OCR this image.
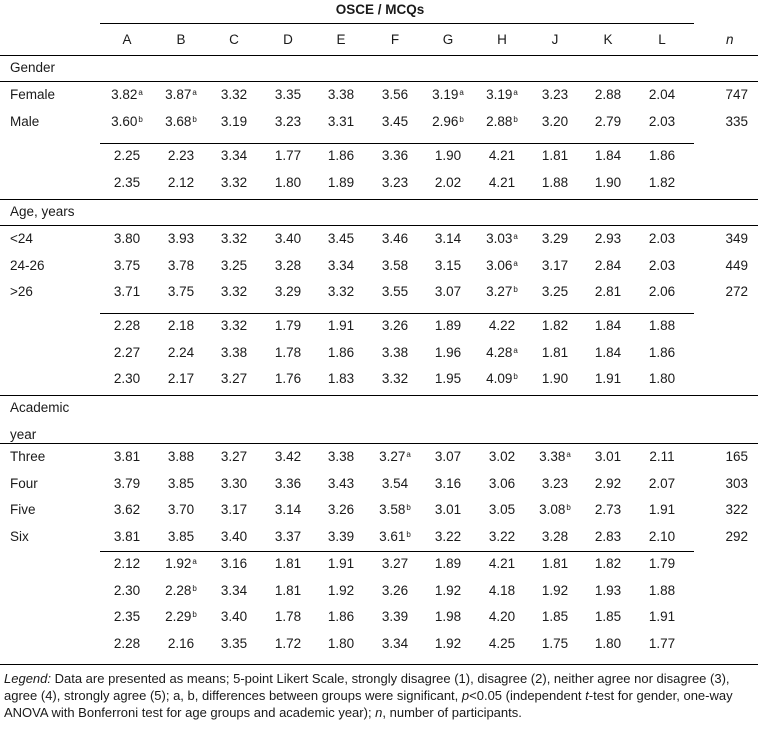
OSCE / MCQs
A	B	C	D	E	F	G	H	J	K	L	n
Gender
Female	3.82$^a$	3.87$^a$	3.32	3.35	3.38	3.56	3.19$^a$	3.19$^a$	3.23	2.88	2.04	747
Male	3.60$^b$	3.68$^b$	3.19	3.23	3.31	3.45	2.96$^b$	2.88$^b$	3.20	2.79	2.03	335
2.25	2.23	3.34	1.77	1.86	3.36	1.90	4.21	1.81	1.84	1.86
2.35	2.12	3.32	1.80	1.89	3.23	2.02	4.21	1.88	1.90	1.82
Age, years
<24	3.80	3.93	3.32	3.40	3.45	3.46	3.14	3.03$^a$	3.29	2.93	2.03	349
24-26	3.75	3.78	3.25	3.28	3.34	3.58	3.15	3.06$^a$	3.17	2.84	2.03	449
>26	3.71	3.75	3.32	3.29	3.32	3.55	3.07	3.27$^b$	3.25	2.81	2.06	272
2.28	2.18	3.32	1.79	1.91	3.26	1.89	4.22	1.82	1.84	1.88
2.27	2.24	3.38	1.78	1.86	3.38	1.96	4.28$^a$	1.81	1.84	1.86
2.30	2.17	3.27	1.76	1.83	3.32	1.95	4.09$^b$	1.90	1.91	1.80
Academic
year
Three	3.81	3.88	3.27	3.42	3.38	3.27$^a$	3.07	3.02	3.38$^a$	3.01	2.11	165
Four	3.79	3.85	3.30	3.36	3.43	3.54	3.16	3.06	3.23	2.92	2.07	303
Five	3.62	3.70	3.17	3.14	3.26	3.58$^b$	3.01	3.05	3.08$^b$	2.73	1.91	322
Six	3.81	3.85	3.40	3.37	3.39	3.61$^b$	3.22	3.22	3.28	2.83	2.10	292
2.12	1.92$^a$	3.16	1.81	1.91	3.27	1.89	4.21	1.81	1.82	1.79
2.30	2.28$^b$	3.34	1.81	1.92	3.26	1.92	4.18	1.92	1.93	1.88
2.35	2.29$^b$	3.40	1.78	1.86	3.39	1.98	4.20	1.85	1.85	1.91
2.28	2.16	3.35	1.72	1.80	3.34	1.92	4.25	1.75	1.80	1.77
Legend: Data are presented as means; 5-point Likert Scale, strongly disagree (1), disagree (2), neither agree nor disagree (3), agree (4), strongly agree (5); a, b, differences between groups were significant, p<0.05 (independent t-test for gender, one-way ANOVA with Bonferroni test for age groups and academic year); n, number of participants.
